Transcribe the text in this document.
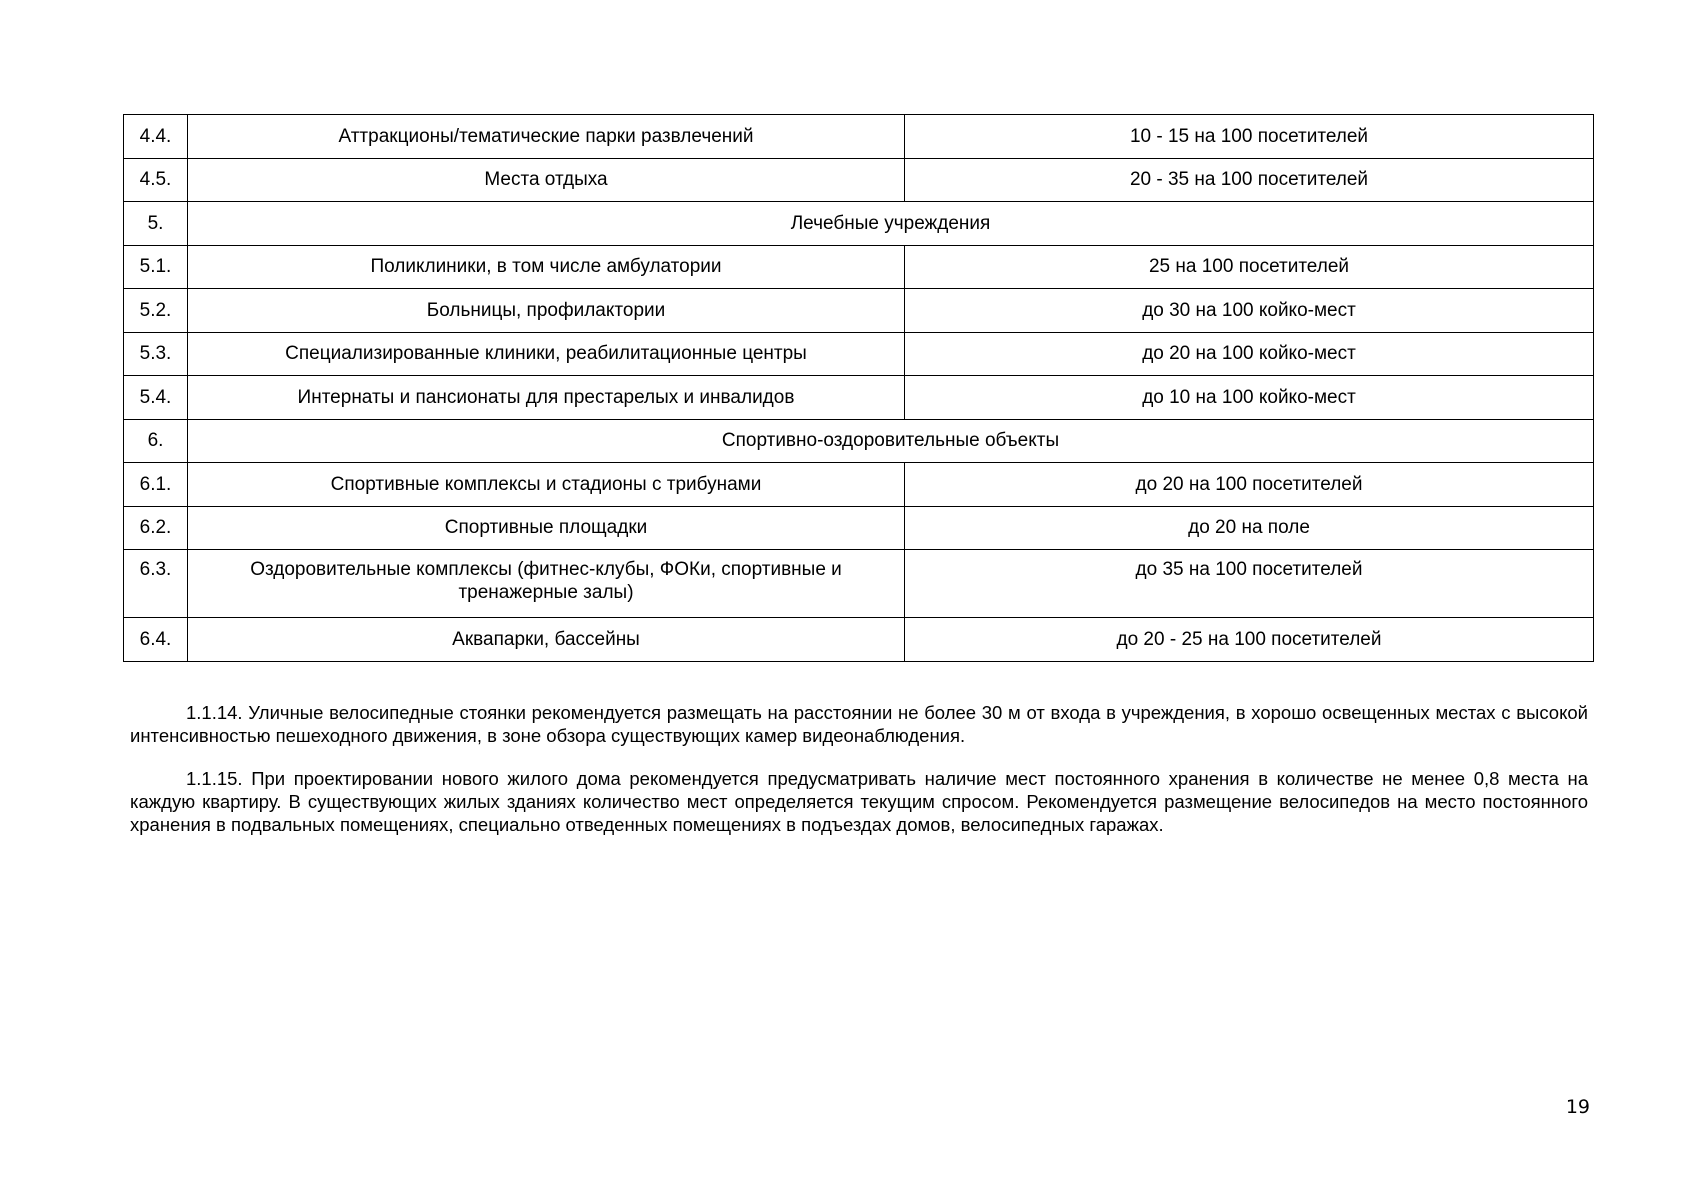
4.4.	Аттракционы/тематические парки развлечений	10 - 15 на 100 посетителей
4.5.	Места отдыха	20 - 35 на 100 посетителей
5.	Лечебные учреждения	
5.1.	Поликлиники, в том числе амбулатории	25 на 100 посетителей
5.2.	Больницы, профилактории	до 30 на 100 койко-мест
5.3.	Специализированные клиники, реабилитационные центры	до 20 на 100 койко-мест
5.4.	Интернаты и пансионаты для престарелых и инвалидов	до 10 на 100 койко-мест
6.	Спортивно-оздоровительные объекты	
6.1.	Спортивные комплексы и стадионы с трибунами	до 20 на 100 посетителей
6.2.	Спортивные площадки	до 20 на поле
6.3.	Оздоровительные комплексы (фитнес-клубы, ФОКи, спортивные и тренажерные залы)	до 35 на 100 посетителей
6.4.	Аквапарки, бассейны	до 20 - 25 на 100 посетителей

1.1.14. Уличные велосипедные стоянки рекомендуется размещать на расстоянии не более 30 м от входа в учреждения, в хорошо освещенных местах с высокой интенсивностью пешеходного движения, в зоне обзора существующих камер видеонаблюдения.

1.1.15. При проектировании нового жилого дома рекомендуется предусматривать наличие мест постоянного хранения в количестве не менее 0,8 места на каждую квартиру. В существующих жилых зданиях количество мест определяется текущим спросом. Рекомендуется размещение велосипедов на место постоянного хранения в подвальных помещениях, специально отведенных помещениях в подъездах домов, велосипедных гаражах.

19
